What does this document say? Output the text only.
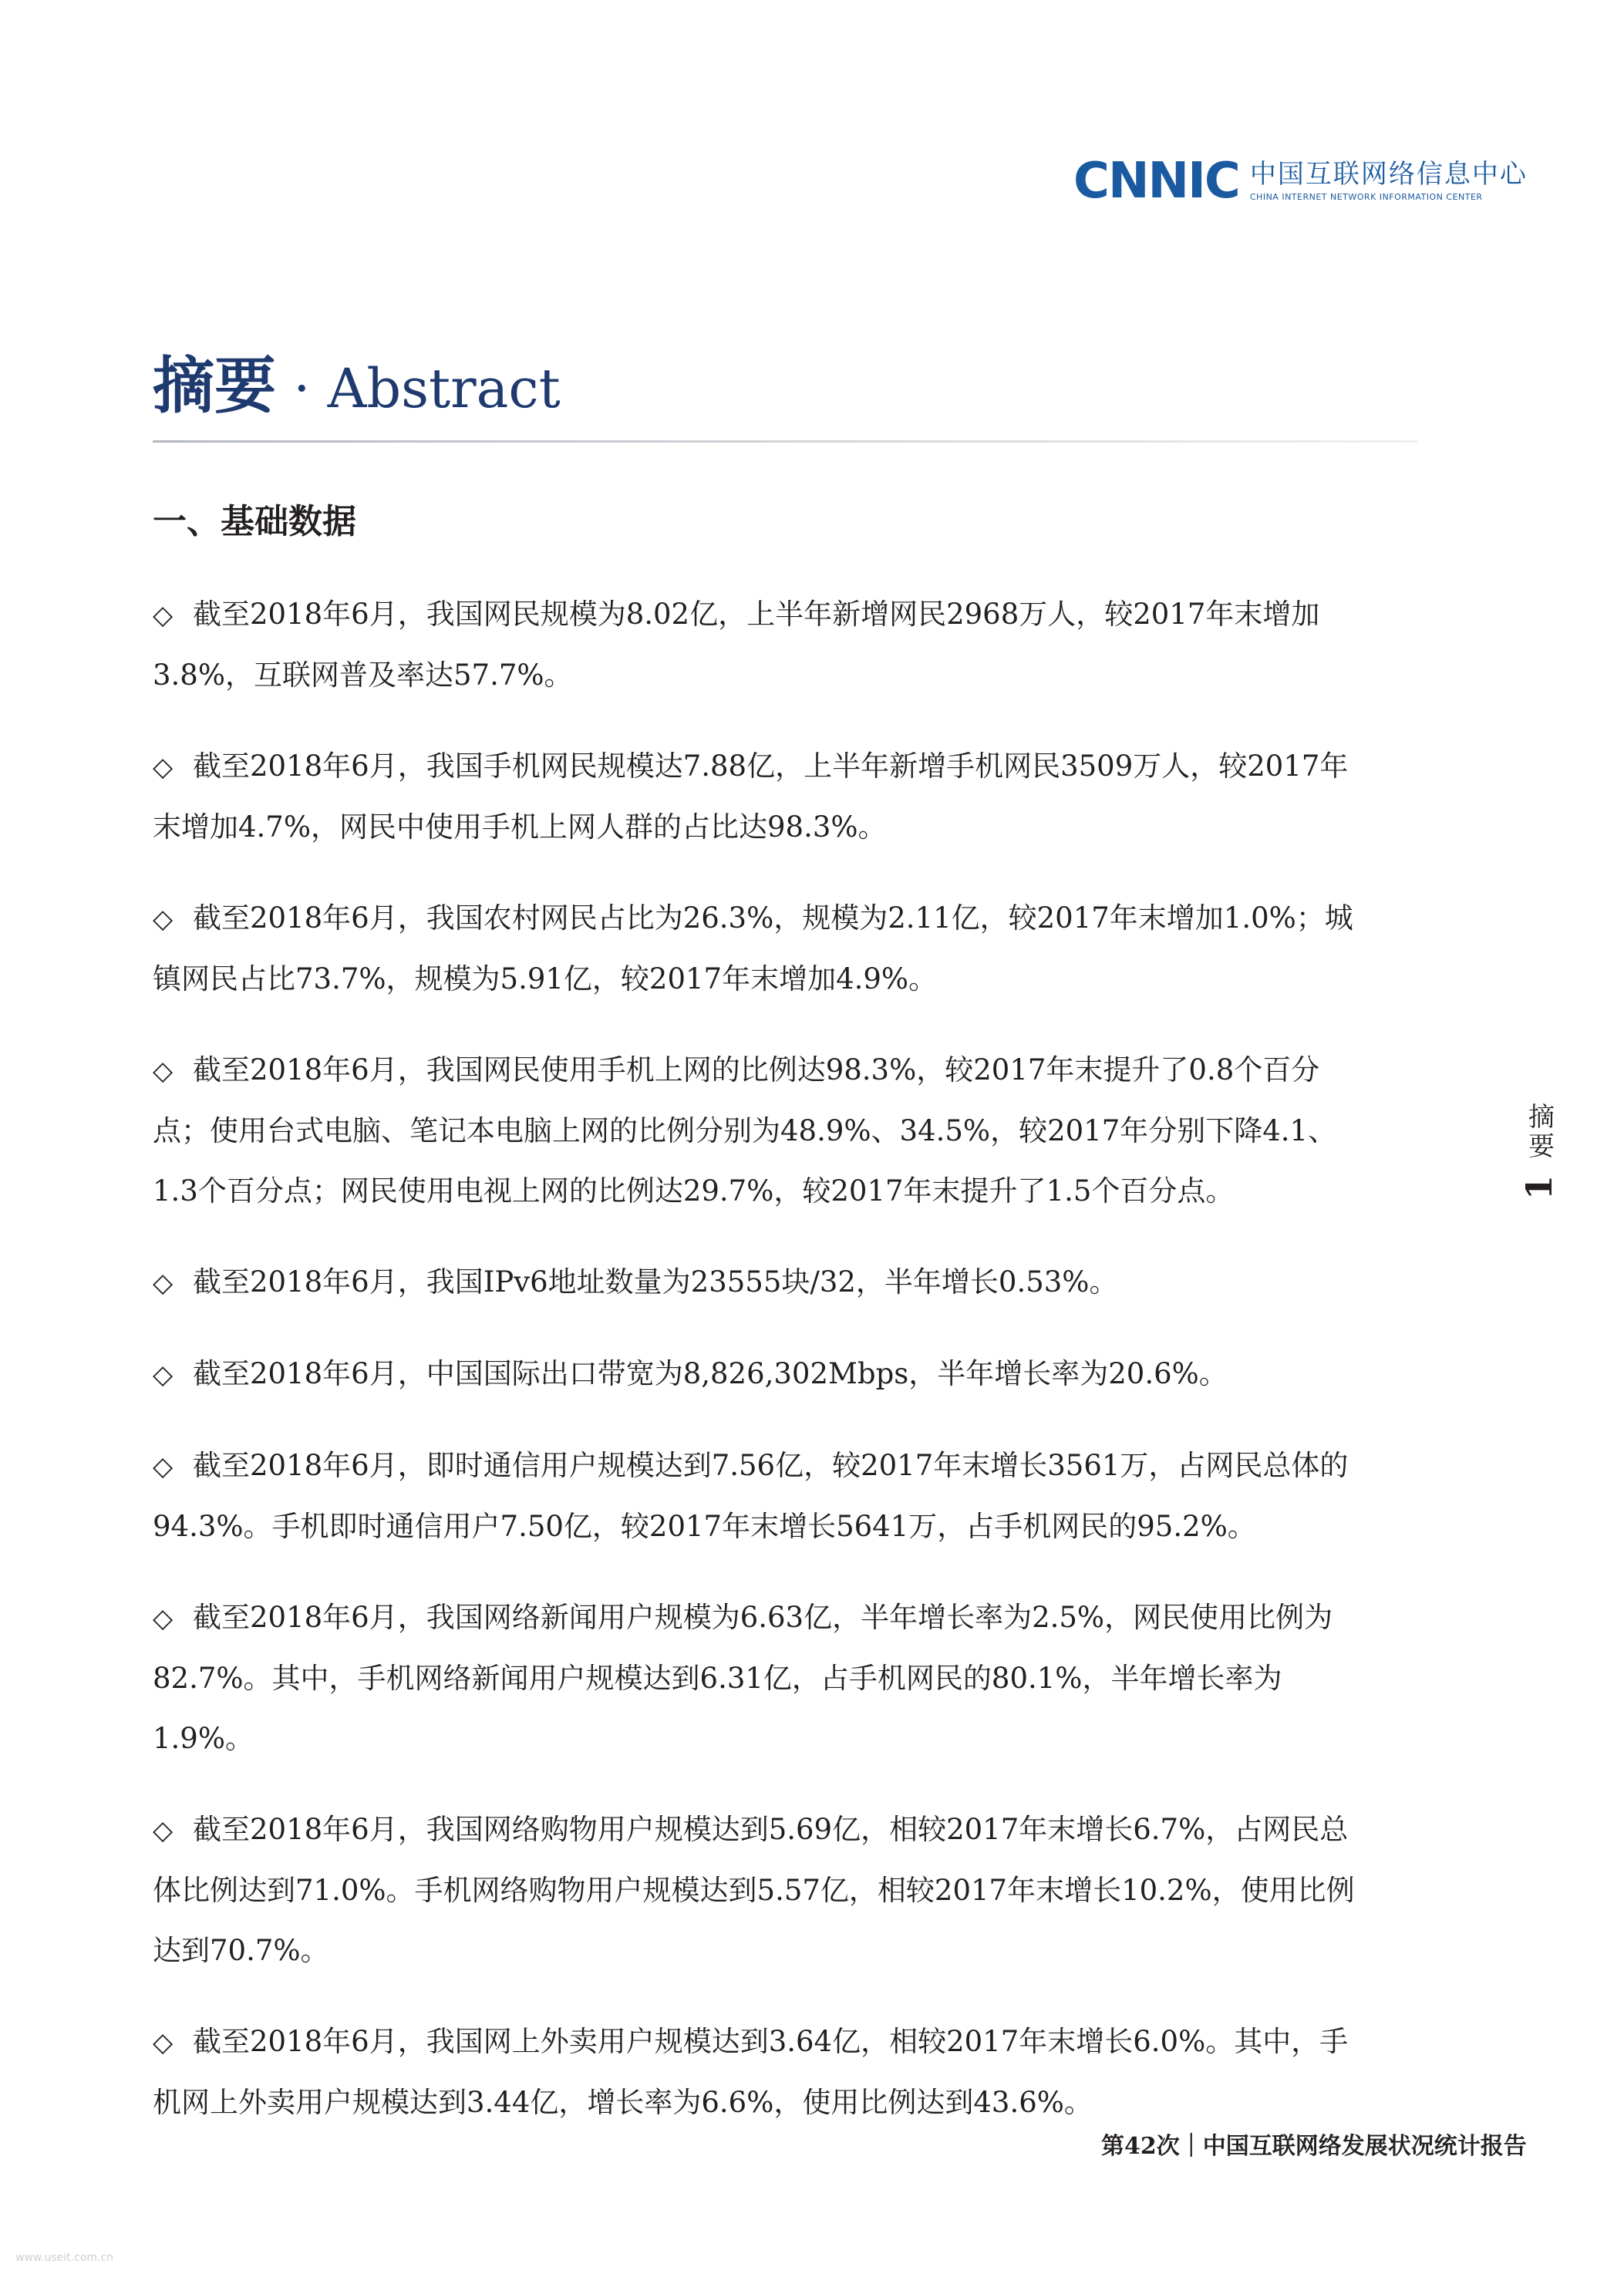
CNNIC 中国互联网络信息中心
CHINA INTERNET NETWORK INFORMATION CENTER
摘要 · Abstract
一、基础数据
◇ 截至2018年6月，我国网民规模为8.02亿，上半年新增网民2968万人，较2017年末增加3.8%，互联网普及率达57.7%。
◇ 截至2018年6月，我国手机网民规模达7.88亿，上半年新增手机网民3509万人，较2017年末增加4.7%，网民中使用手机上网人群的占比达98.3%。
◇ 截至2018年6月，我国农村网民占比为26.3%，规模为2.11亿，较2017年末增加1.0%；城镇网民占比73.7%，规模为5.91亿，较2017年末增加4.9%。
◇ 截至2018年6月，我国网民使用手机上网的比例达98.3%，较2017年末提升了0.8个百分点；使用台式电脑、笔记本电脑上网的比例分别为48.9%、34.5%，较2017年分别下降4.1、1.3个百分点；网民使用电视上网的比例达29.7%，较2017年末提升了1.5个百分点。
◇ 截至2018年6月，我国IPv6地址数量为23555块/32，半年增长0.53%。
◇ 截至2018年6月，中国国际出口带宽为8,826,302Mbps，半年增长率为20.6%。
◇ 截至2018年6月，即时通信用户规模达到7.56亿，较2017年末增长3561万，占网民总体的94.3%。手机即时通信用户7.50亿，较2017年末增长5641万，占手机网民的95.2%。
◇ 截至2018年6月，我国网络新闻用户规模为6.63亿，半年增长率为2.5%，网民使用比例为82.7%。其中，手机网络新闻用户规模达到6.31亿，占手机网民的80.1%，半年增长率为1.9%。
◇ 截至2018年6月，我国网络购物用户规模达到5.69亿，相较2017年末增长6.7%，占网民总体比例达到71.0%。手机网络购物用户规模达到5.57亿，相较2017年末增长10.2%，使用比例达到70.7%。
◇ 截至2018年6月，我国网上外卖用户规模达到3.64亿，相较2017年末增长6.0%。其中，手机网上外卖用户规模达到3.44亿，增长率为6.6%，使用比例达到43.6%。
摘要
1
第42次｜中国互联网络发展状况统计报告
www.useit.com.cn
